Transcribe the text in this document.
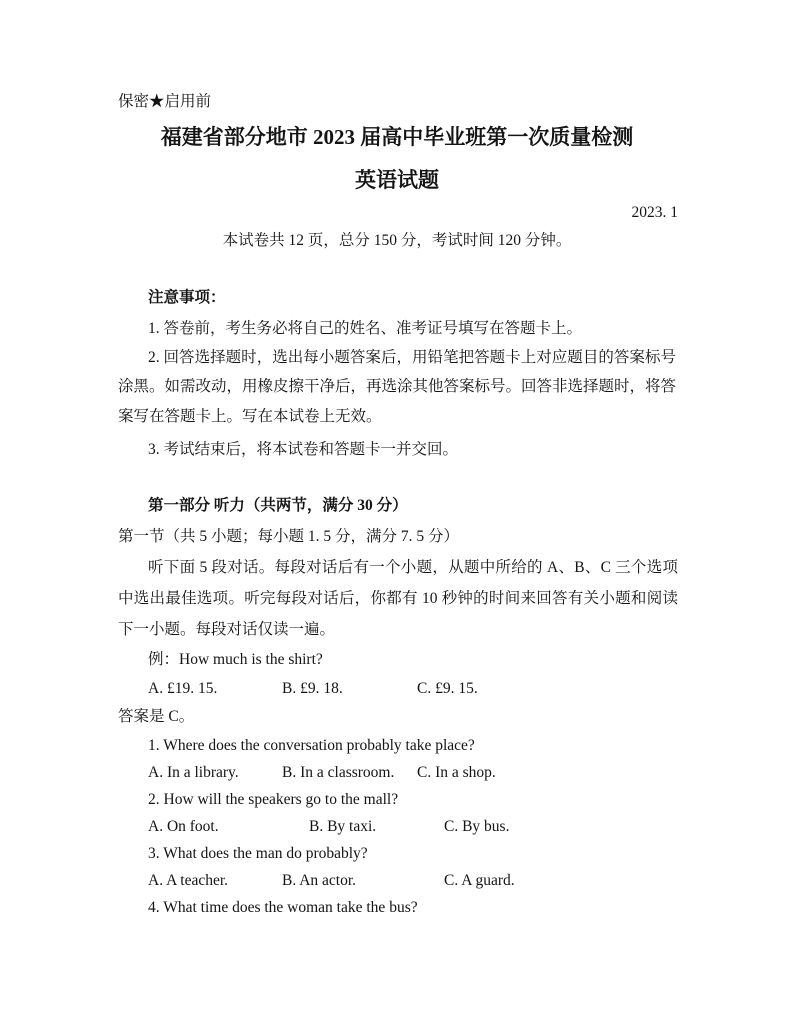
保密★启用前
福建省部分地市 2023 届高中毕业班第一次质量检测
英语试题
2023. 1
本试卷共 12 页，总分 150 分，考试时间 120 分钟。
注意事项：
1. 答卷前，考生务必将自己的姓名、准考证号填写在答题卡上。
2. 回答选择题时，选出每小题答案后，用铅笔把答题卡上对应题目的答案标号
涂黑。如需改动，用橡皮擦干净后，再选涂其他答案标号。回答非选择题时，将答
案写在答题卡上。写在本试卷上无效。
3. 考试结束后，将本试卷和答题卡一并交回。
第一部分 听力（共两节，满分 30 分）
第一节（共 5 小题；每小题 1. 5 分，满分 7. 5 分）
听下面 5 段对话。每段对话后有一个小题，从题中所给的 A、B、C 三个选项
中选出最佳选项。听完每段对话后，你都有 10 秒钟的时间来回答有关小题和阅读
下一小题。每段对话仅读一遍。
例：How much is the shirt?
A. £19. 15.	B. £9. 18.	C. £9. 15.
答案是 C。
1. Where does the conversation probably take place?
A. In a library.	B. In a classroom. C. In a shop.
2. How will the speakers go to the mall?
A. On foot.	B. By taxi.	C. By bus.
3. What does the man do probably?
A. A teacher.	B. An actor.	C. A guard.
4. What time does the woman take the bus?
